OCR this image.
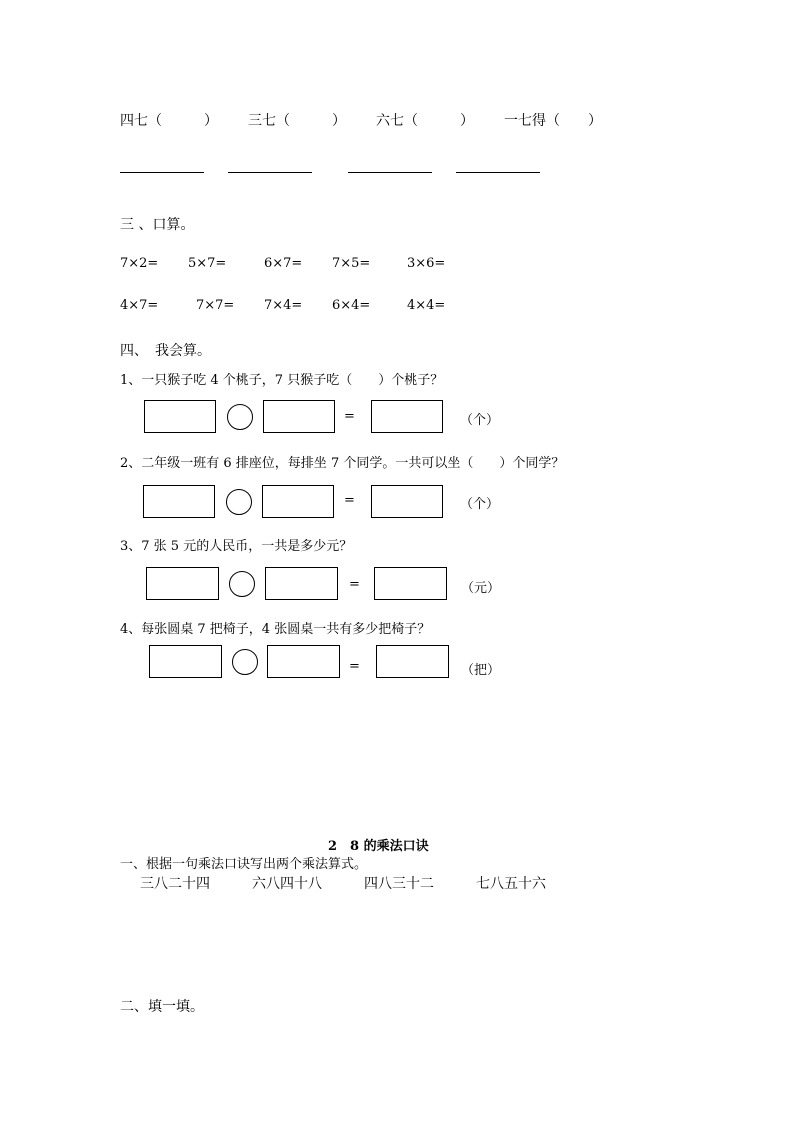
四七（　　　） 三七（　　　） 六七（　　　） 一七得（　　）
三 、口算。
7×2= 5×7=	6×7= 7×5=	3×6=
4×7=	7×7= 7×4= 6×4=	4×4=
四、　我会算。
1、一只猴子吃 4 个桃子，7 只猴子吃（　　）个桃子？
=	（个）
2、二年级一班有 6 排座位，每排坐 7 个同学。一共可以坐（　　）个同学？
=	（个）
3、7 张 5 元的人民币，一共是多少元？
=	（元）
4、每张圆桌 7 把椅子，4 张圆桌一共有多少把椅子？
=	（把）
2　8 的乘法口诀
一、根据一句乘法口诀写出两个乘法算式。
三八二十四	六八四十八	四八三十二	七八五十六
二、填一填。
